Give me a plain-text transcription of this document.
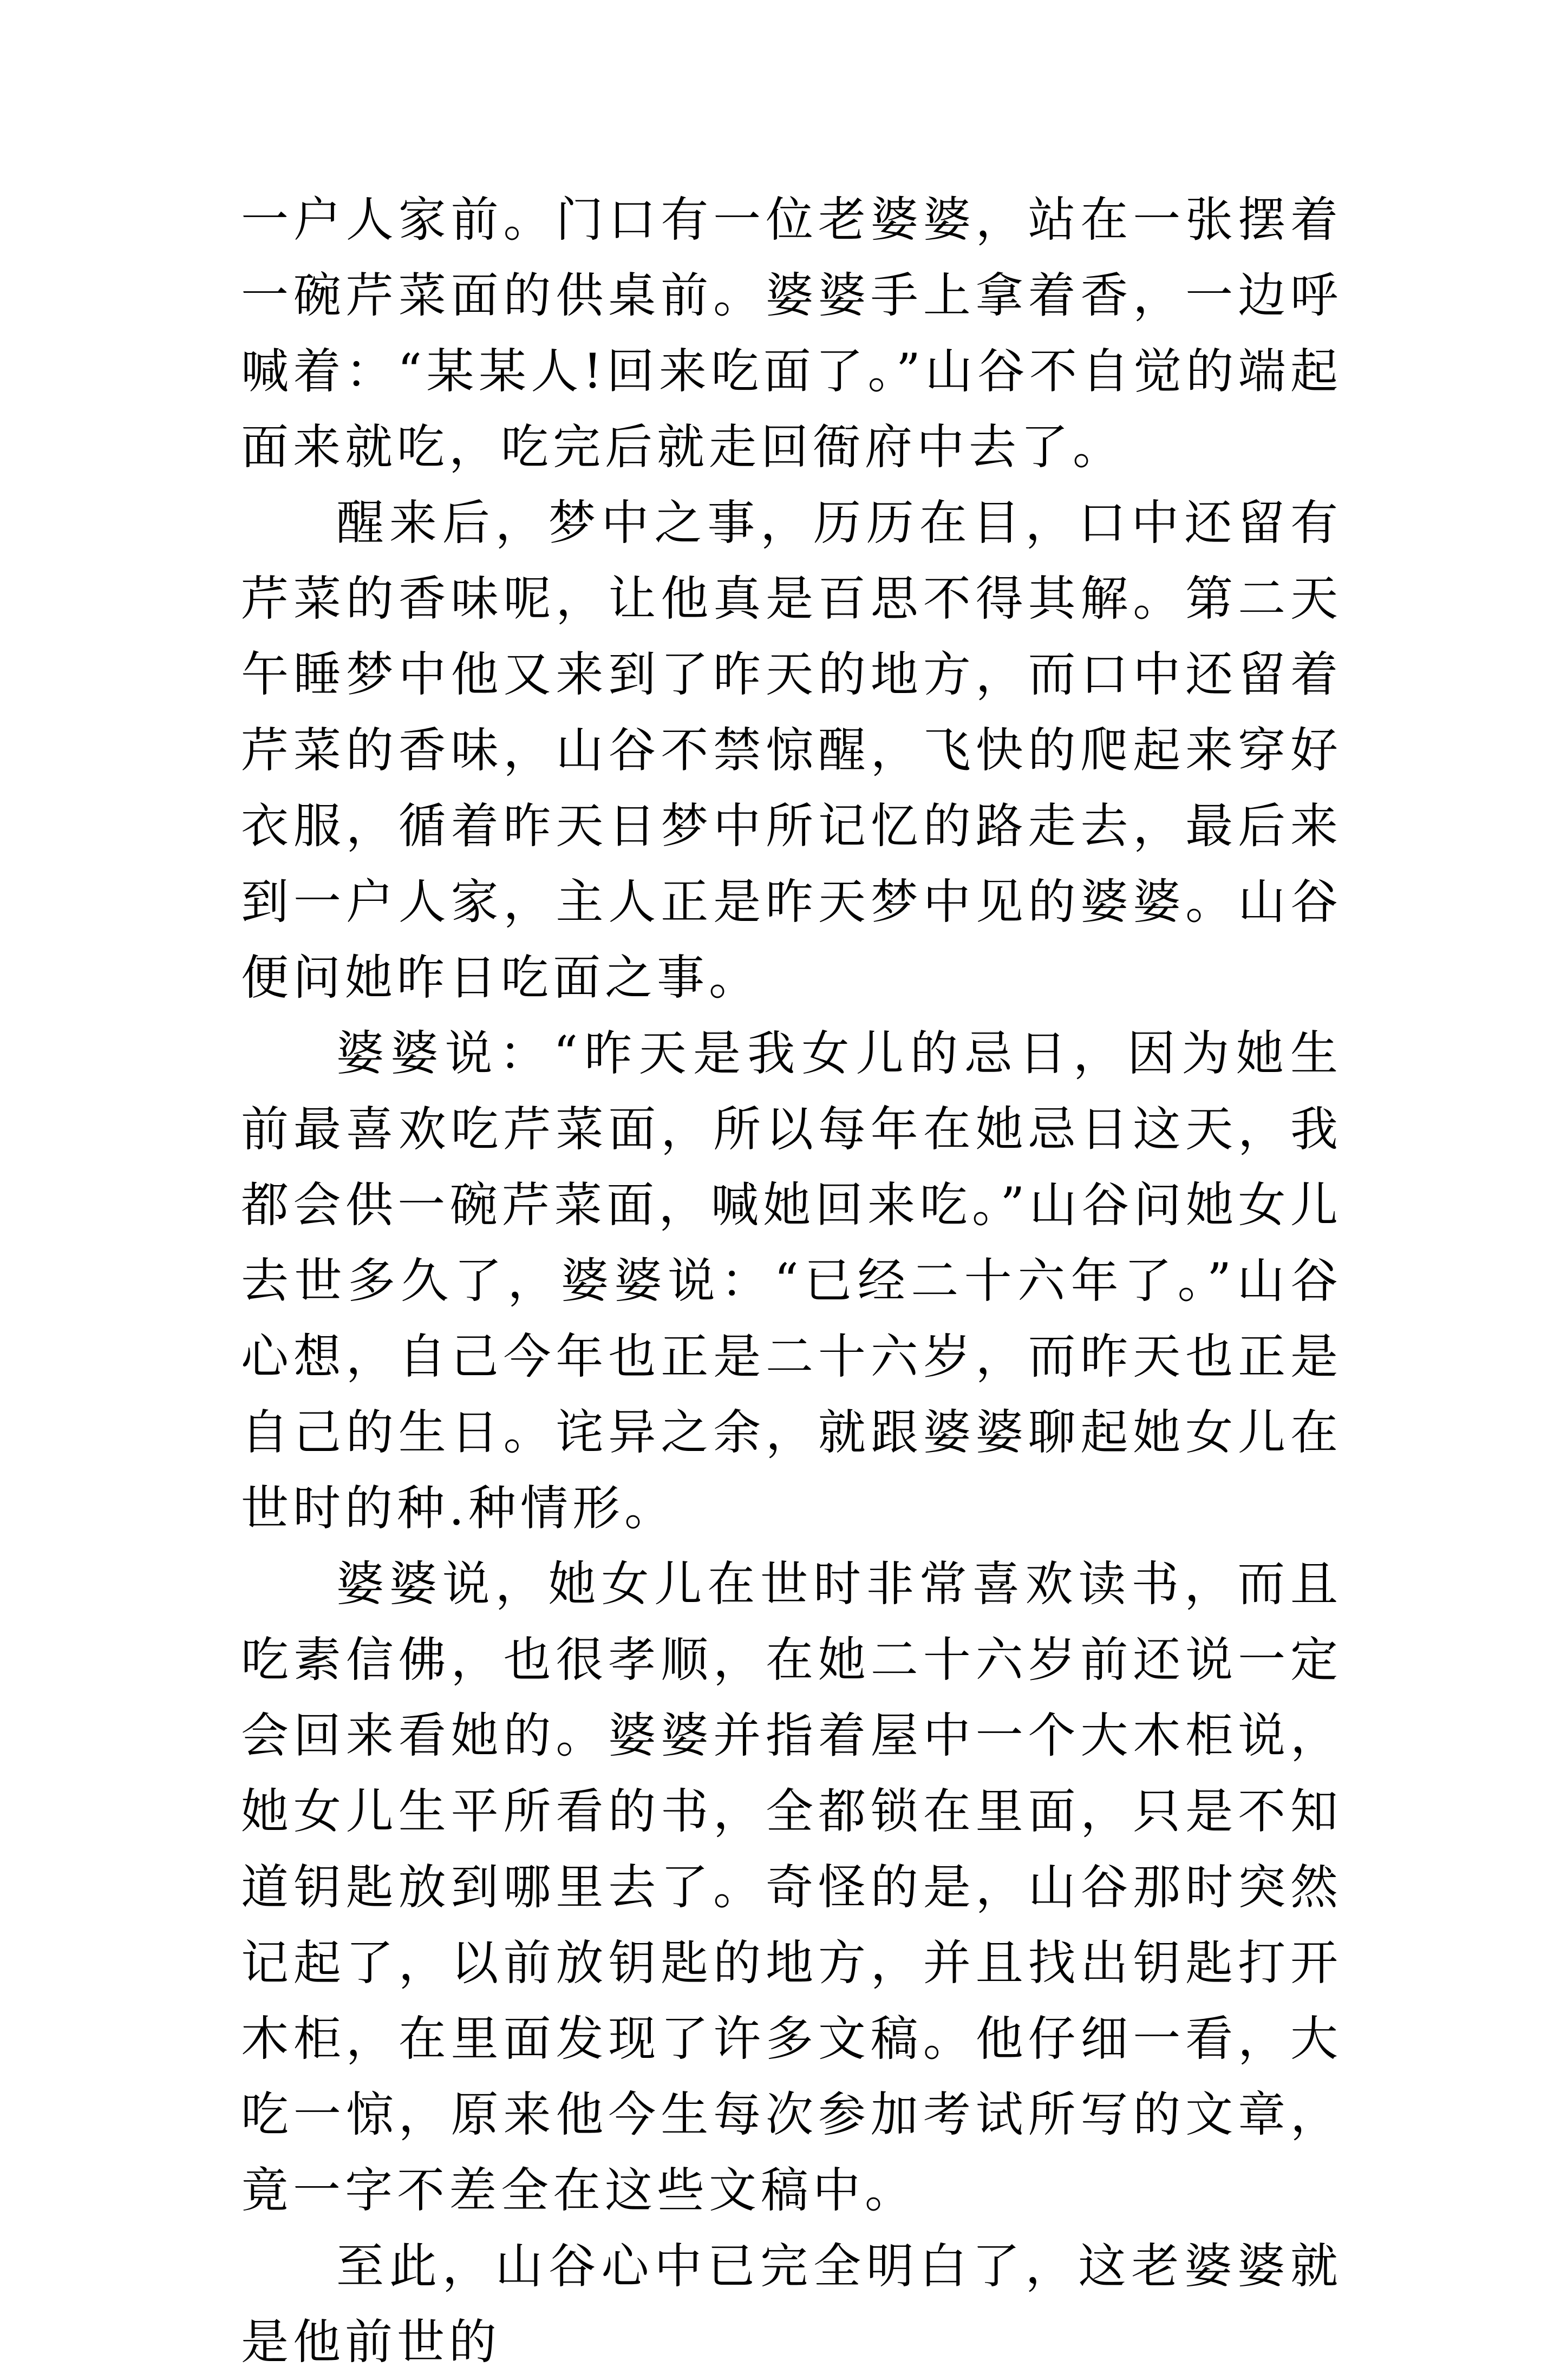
一户人家前。门口有一位老婆婆，站在一张摆着一碗芹菜面的供桌前。婆婆手上拿着香，一边呼喊着：“某某人!回来吃面了。”山谷不自觉的端起面来就吃，吃完后就走回衙府中去了。

醒来后，梦中之事，历历在目，口中还留有芹菜的香味呢，让他真是百思不得其解。第二天午睡梦中他又来到了昨天的地方，而口中还留着芹菜的香味，山谷不禁惊醒，飞快的爬起来穿好衣服，循着昨天日梦中所记忆的路走去，最后来到一户人家，主人正是昨天梦中见的婆婆。山谷便问她昨日吃面之事。

婆婆说：“昨天是我女儿的忌日，因为她生前最喜欢吃芹菜面，所以每年在她忌日这天，我都会供一碗芹菜面，喊她回来吃。”山谷问她女儿去世多久了，婆婆说：“已经二十六年了。”山谷心想，自己今年也正是二十六岁，而昨天也正是自己的生日。诧异之余，就跟婆婆聊起她女儿在世时的种.种情形。

婆婆说，她女儿在世时非常喜欢读书，而且吃素信佛，也很孝顺，在她二十六岁前还说一定会回来看她的。婆婆并指着屋中一个大木柜说，她女儿生平所看的书，全都锁在里面，只是不知道钥匙放到哪里去了。奇怪的是，山谷那时突然记起了，以前放钥匙的地方，并且找出钥匙打开木柜，在里面发现了许多文稿。他仔细一看，大吃一惊，原来他今生每次参加考试所写的文章，竟一字不差全在这些文稿中。

至此，山谷心中已完全明白了，这老婆婆就是他前世的
